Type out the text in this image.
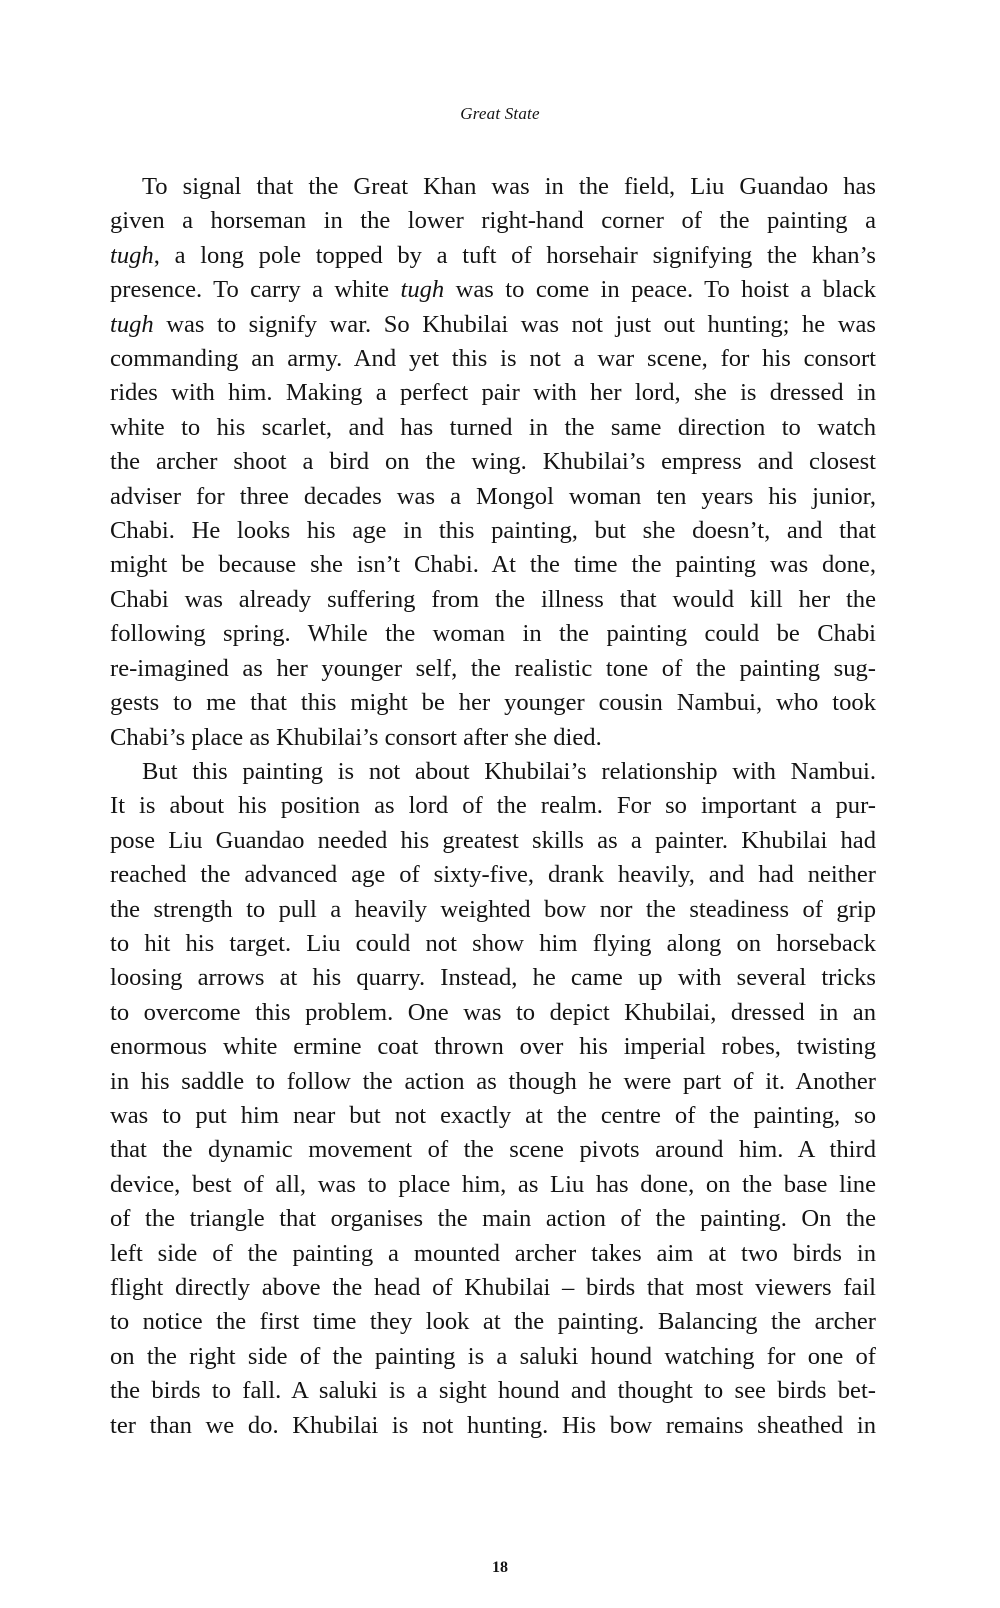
Great State
To signal that the Great Khan was in the field, Liu Guandao has
given a horseman in the lower right-hand corner of the painting a
tugh, a long pole topped by a tuft of horsehair signifying the khan’s
presence. To carry a white tugh was to come in peace. To hoist a black
tugh was to signify war. So Khubilai was not just out hunting; he was
commanding an army. And yet this is not a war scene, for his consort
rides with him. Making a perfect pair with her lord, she is dressed in
white to his scarlet, and has turned in the same direction to watch
the archer shoot a bird on the wing. Khubilai’s empress and closest
adviser for three decades was a Mongol woman ten years his junior,
Chabi. He looks his age in this painting, but she doesn’t, and that
might be because she isn’t Chabi. At the time the painting was done,
Chabi was already suffering from the illness that would kill her the
following spring. While the woman in the painting could be Chabi
re-imagined as her younger self, the realistic tone of the painting sug-
gests to me that this might be her younger cousin Nambui, who took
Chabi’s place as Khubilai’s consort after she died.
But this painting is not about Khubilai’s relationship with Nambui.
It is about his position as lord of the realm. For so important a pur-
pose Liu Guandao needed his greatest skills as a painter. Khubilai had
reached the advanced age of sixty-five, drank heavily, and had neither
the strength to pull a heavily weighted bow nor the steadiness of grip
to hit his target. Liu could not show him flying along on horseback
loosing arrows at his quarry. Instead, he came up with several tricks
to overcome this problem. One was to depict Khubilai, dressed in an
enormous white ermine coat thrown over his imperial robes, twisting
in his saddle to follow the action as though he were part of it. Another
was to put him near but not exactly at the centre of the painting, so
that the dynamic movement of the scene pivots around him. A third
device, best of all, was to place him, as Liu has done, on the base line
of the triangle that organises the main action of the painting. On the
left side of the painting a mounted archer takes aim at two birds in
flight directly above the head of Khubilai – birds that most viewers fail
to notice the first time they look at the painting. Balancing the archer
on the right side of the painting is a saluki hound watching for one of
the birds to fall. A saluki is a sight hound and thought to see birds bet-
ter than we do. Khubilai is not hunting. His bow remains sheathed in
18
